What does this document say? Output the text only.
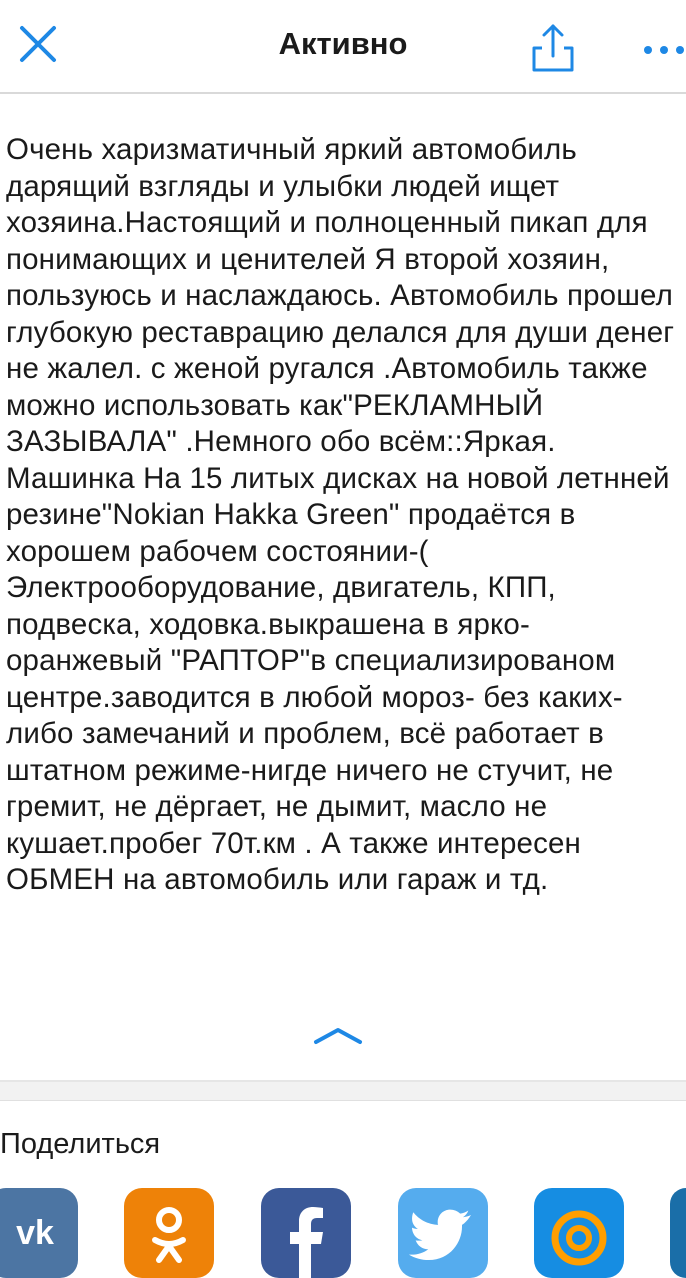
Активно

Очень харизматичный яркий автомобиль дарящий взгляды и улыбки людей ищет хозяина.Настоящий и полноценный пикап для понимающих и ценителей Я второй хозяин, пользуюсь и наслаждаюсь. Автомобиль прошел глубокую реставрацию делался для души денег не жалел. с женой ругался .Автомобиль также можно использовать как"РЕКЛАМНЫЙ ЗАЗЫВАЛА" .Немного обо всём::Яркая. Машинка На 15 литых дисках на новой летнней резине"Nokian Hakka Green" продаётся в хорошем рабочем состоянии-( Электрооборудование, двигатель, КПП, подвеска, ходовка.выкрашена в ярко-оранжевый "РАПТОР"в специализированом центре.заводится в любой мороз- без каких- либо замечаний и проблем, всё работает в штатном режиме-нигде ничего не стучит, не гремит, не дёргает, не дымит, масло не кушает.пробег 70т.км . А также интересен ОБМЕН на автомобиль или гараж и тд.

Поделиться
vk
